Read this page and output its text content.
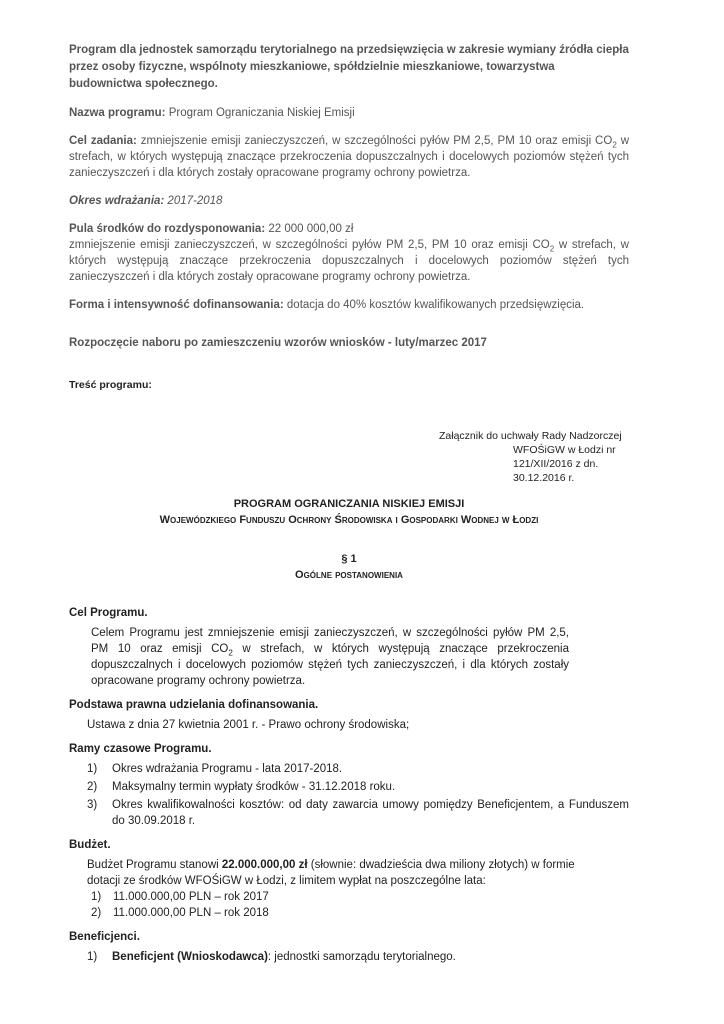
Program dla jednostek samorządu terytorialnego na przedsięwzięcia w zakresie wymiany źródła ciepła przez osoby fizyczne, wspólnoty mieszkaniowe, spółdzielnie mieszkaniowe, towarzystwa budownictwa społecznego.

Nazwa programu: Program Ograniczania Niskiej Emisji

Cel zadania: zmniejszenie emisji zanieczyszczeń, w szczególności pyłów PM 2,5, PM 10 oraz emisji $CO_2$ w strefach, w których występują znaczące przekroczenia dopuszczalnych i docelowych poziomów stężeń tych zanieczyszczeń i dla których zostały opracowane programy ochrony powietrza.

Okres wdrażania: 2017-2018

Pula środków do rozdysponowania: 22 000 000,00 zł

zmniejszenie emisji zanieczyszczeń, w szczególności pyłów PM 2,5, PM 10 oraz emisji $CO_2$ w strefach, w których występują znaczące przekroczenia dopuszczalnych i docelowych poziomów stężeń tych zanieczyszczeń i dla których zostały opracowane programy ochrony powietrza.

Forma i intensywność dofinansowania: dotacja do 40% kosztów kwalifikowanych przedsięwzięcia.

Rozpoczęcie naboru po zamieszczeniu wzorów wniosków - luty/marzec 2017

Treść programu:

Załącznik do uchwały Rady Nadzorczej
WFOŚiGW w Łodzi nr
121/XII/2016 z dn.
30.12.2016 r.

PROGRAM OGRANICZANIA NISKIEJ EMISJI

Wojewódzkiego Funduszu Ochrony Środowiska i Gospodarki Wodnej w Łodzi

§ 1

Ogólne postanowienia

Cel Programu.

Celem Programu jest zmniejszenie emisji zanieczyszczeń, w szczególności pyłów PM 2,5, PM 10 oraz emisji $CO_2$ w strefach, w których występują znaczące przekroczenia dopuszczalnych i docelowych poziomów stężeń tych zanieczyszczeń, i dla których zostały opracowane programy ochrony powietrza.

Podstawa prawna udzielania dofinansowania.

Ustawa z dnia 27 kwietnia 2001 r. - Prawo ochrony środowiska;

Ramy czasowe Programu.

1) Okres wdrażania Programu - lata 2017-2018.
2) Maksymalny termin wypłaty środków - 31.12.2018 roku.
3) Okres kwalifikowalności kosztów: od daty zawarcia umowy pomiędzy Beneficjentem, a Funduszem do 30.09.2018 r.

Budżet.

Budżet Programu stanowi 22.000.000,00 zł (słownie: dwadzieścia dwa miliony złotych) w formie dotacji ze środków WFOŚiGW w Łodzi, z limitem wypłat na poszczególne lata:

1) 11.000.000,00 PLN – rok 2017
2) 11.000.000,00 PLN – rok 2018

Beneficjenci.

1) Beneficjent (Wnioskodawca): jednostki samorządu terytorialnego.
